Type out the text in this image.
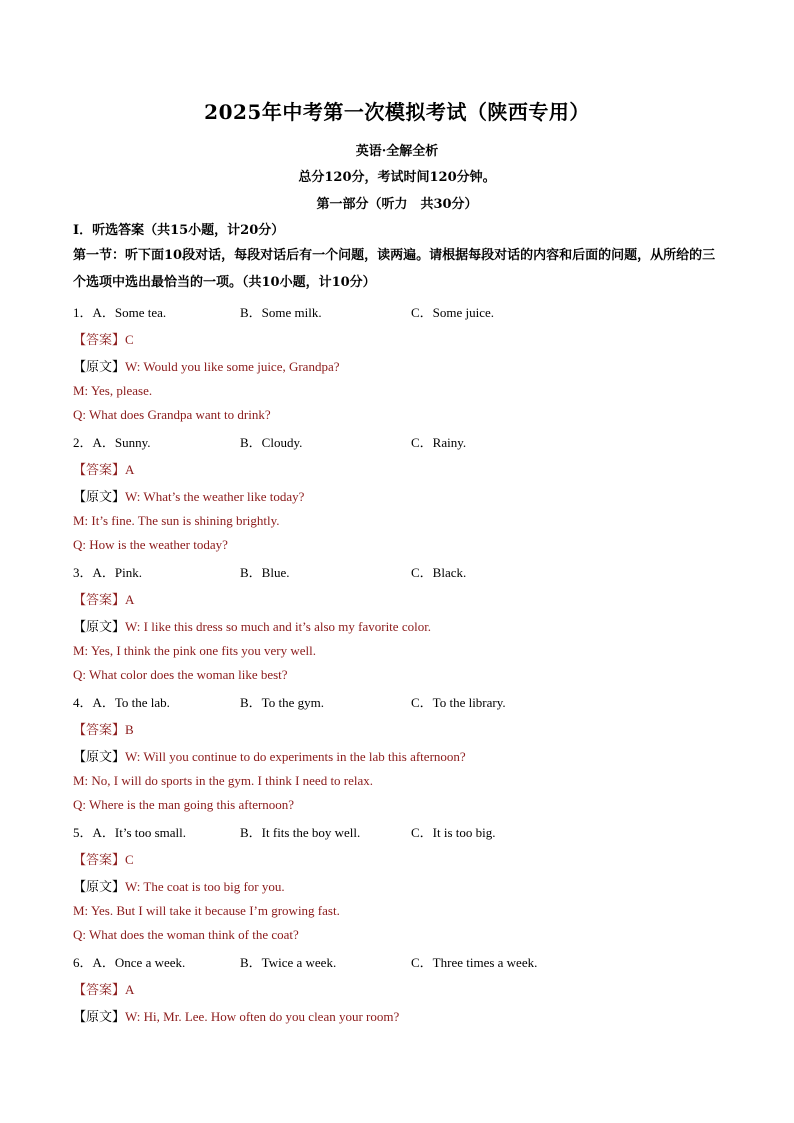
2025年中考第一次模拟考试（陕西专用）
英语·全解全析
总分120分，考试时间120分钟。
第一部分（听力　共30分）
Ⅰ．听选答案（共15小题，计20分）
第一节：听下面10段对话，每段对话后有一个问题，读两遍。请根据每段对话的内容和后面的问题，从所给的三个选项中选出最恰当的一项。（共10小题，计10分）
1．A．Some tea.	B．Some milk.	C．Some juice.
【答案】C
【原文】W: Would you like some juice, Grandpa?
M: Yes, please.
Q: What does Grandpa want to drink?
2．A．Sunny.	B．Cloudy.	C．Rainy.
【答案】A
【原文】W: What’s the weather like today?
M: It’s fine. The sun is shining brightly.
Q: How is the weather today?
3．A．Pink.	B．Blue.	C．Black.
【答案】A
【原文】W: I like this dress so much and it’s also my favorite color.
M: Yes, I think the pink one fits you very well.
Q: What color does the woman like best?
4．A．To the lab.	B．To the gym.	C．To the library.
【答案】B
【原文】W: Will you continue to do experiments in the lab this afternoon?
M: No, I will do sports in the gym. I think I need to relax.
Q: Where is the man going this afternoon?
5．A．It’s too small.	B．It fits the boy well.	C．It is too big.
【答案】C
【原文】W: The coat is too big for you.
M: Yes. But I will take it because I’m growing fast.
Q: What does the woman think of the coat?
6．A．Once a week.	B．Twice a week.	C．Three times a week.
【答案】A
【原文】W: Hi, Mr. Lee. How often do you clean your room?
